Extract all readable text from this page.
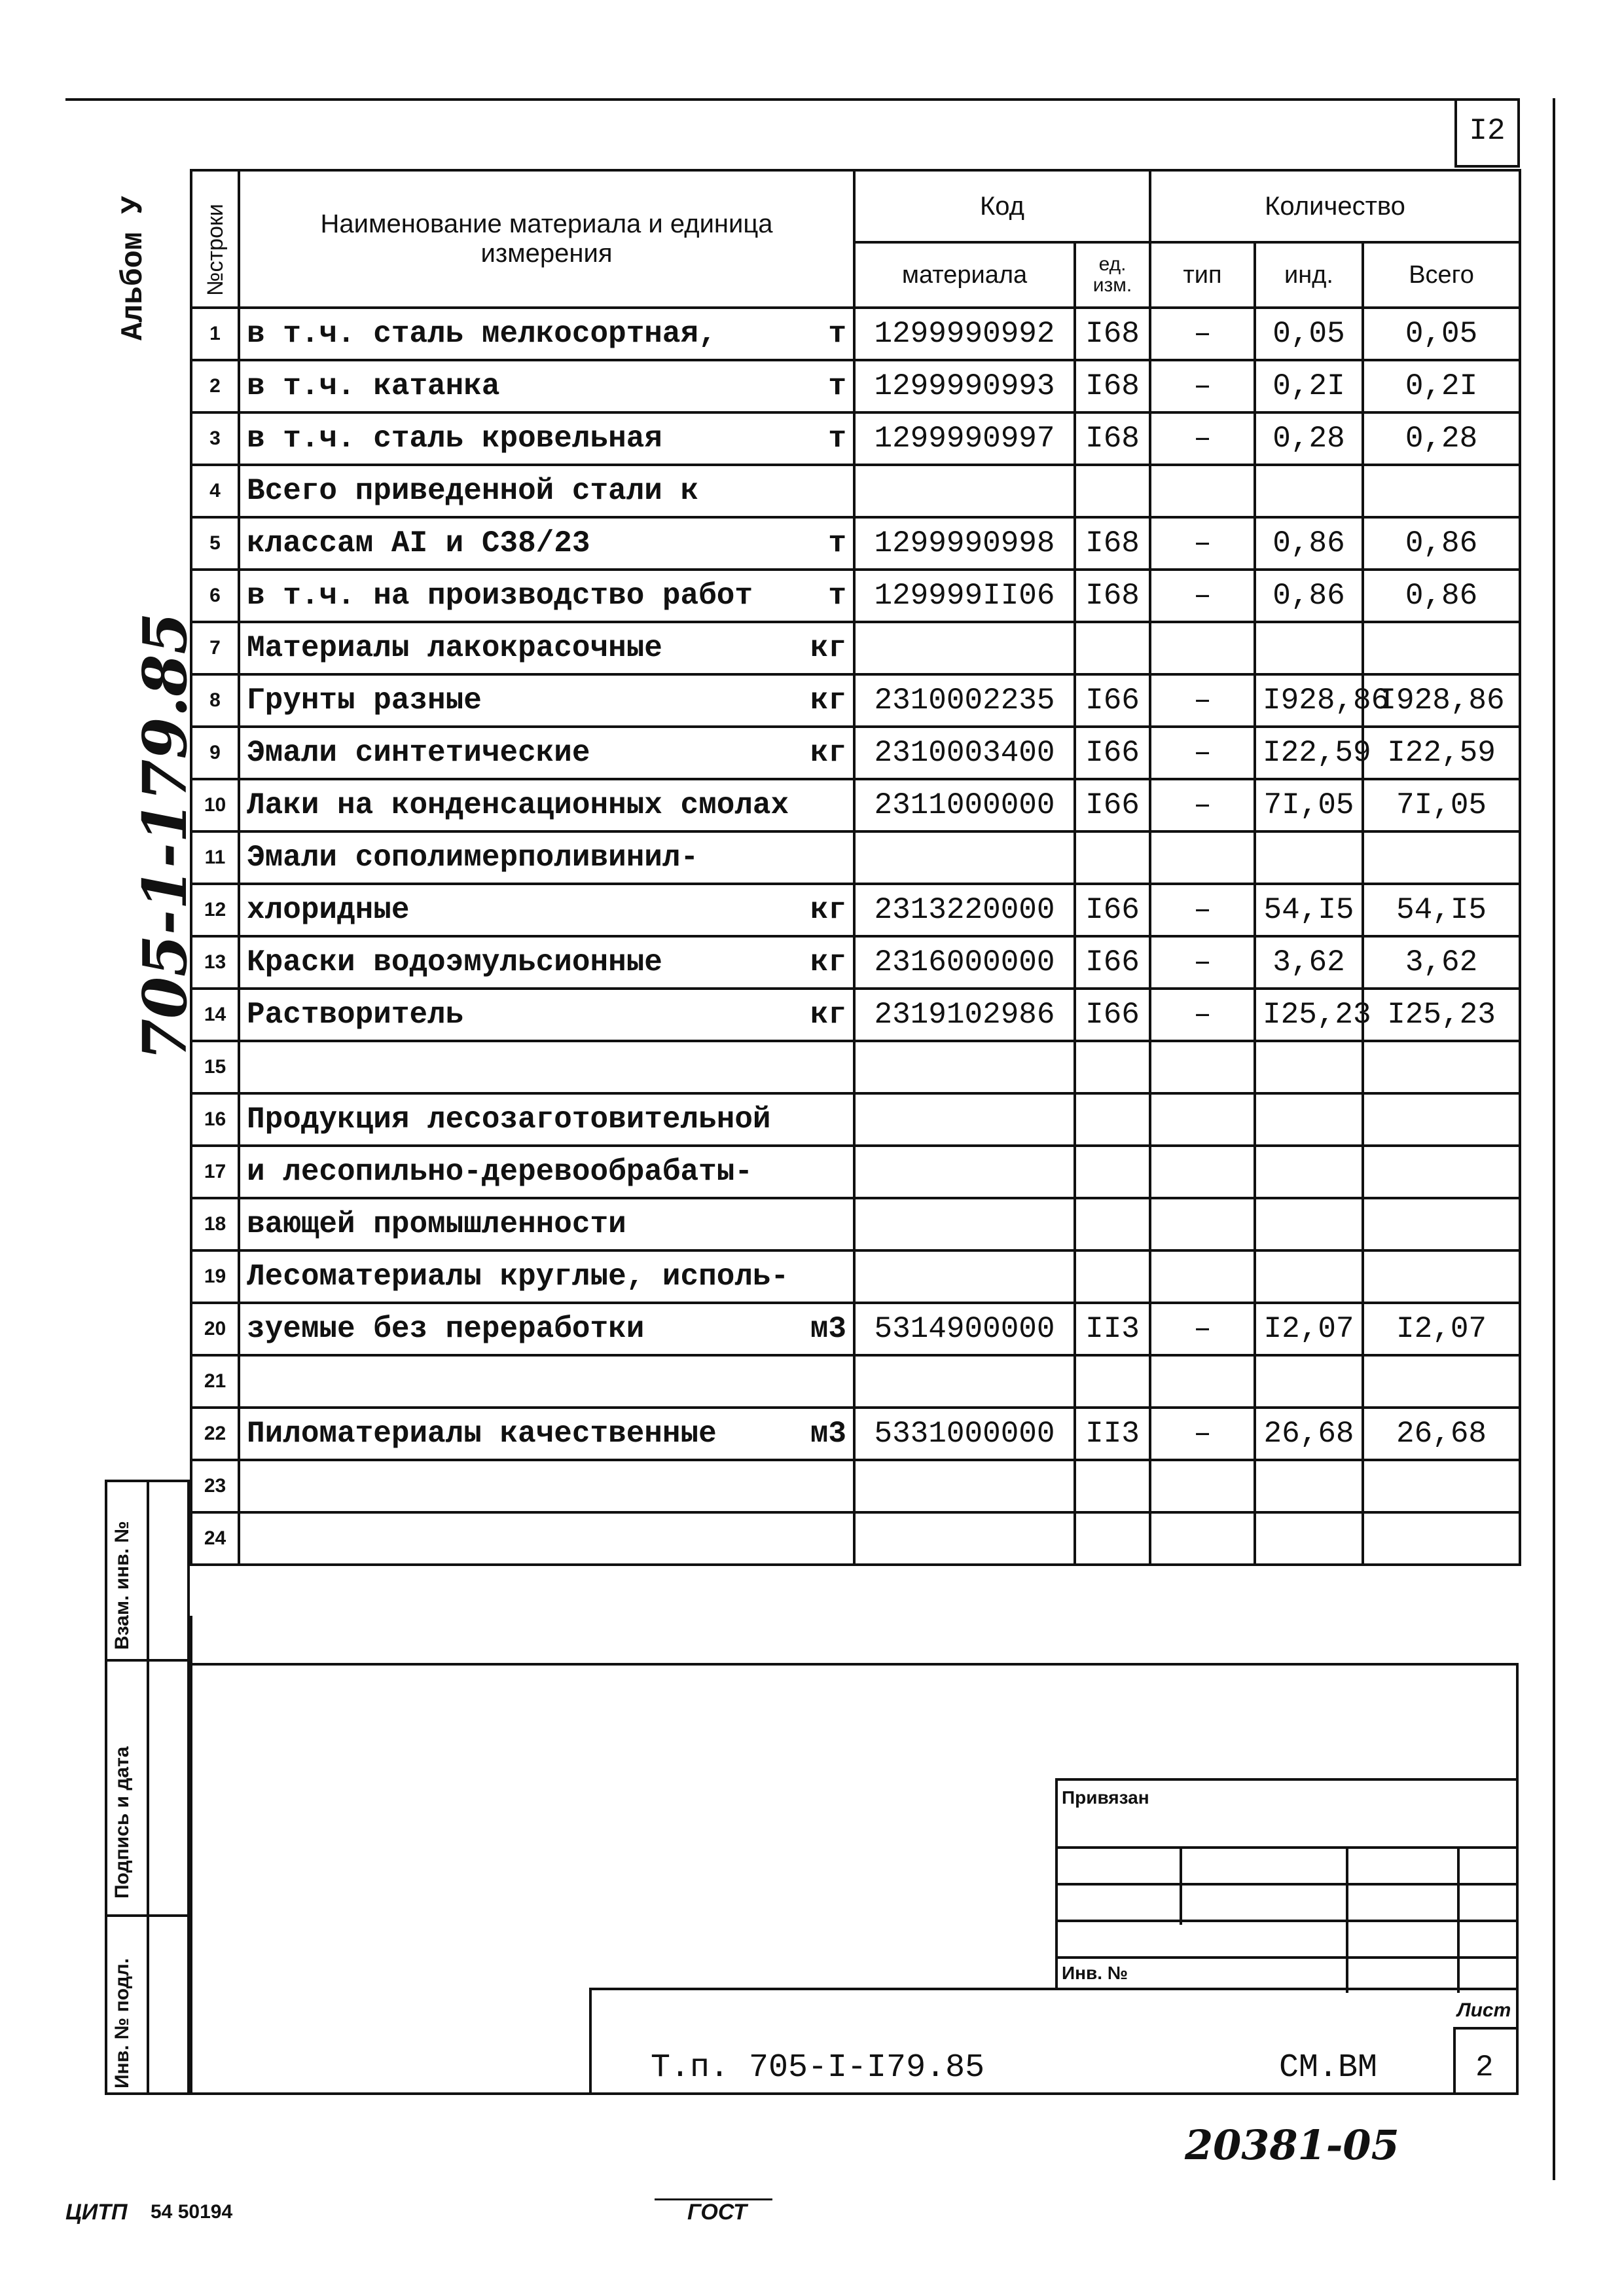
I2
Альбом У
705-1-179.85
№строки	Наименование материала и единица измерения	Код		Количество		
		материала	ед. изм.	тип	инд.	Всего
1	в т.ч. сталь мелкосортная, т	1299990992	I68	–	0,05	0,05
2	в т.ч. катанка т	1299990993	I68	–	0,2I	0,2I
3	в т.ч. сталь кровельная т	1299990997	I68	–	0,28	0,28
4	Всего приведенной стали к					

5	классам AI и C38/23 т	1299990998	I68	–	0,86	0,86
6	в т.ч. на производство работ т	129999II06	I68	–	0,86	0,86
7	Материалы лакокрасочные кг					

8	Грунты разные кг	2310002235	I66	–	I928,86	I928,86
9	Эмали синтетические кг	2310003400	I66	–	I22,59	I22,59
10	Лаки на конденсационных смолах	2311000000	I66	–	7I,05	7I,05
11	Эмали сополимерполивинил-					

12	хлоридные кг	2313220000	I66	–	54,I5	54,I5
13	Краски водоэмульсионные кг	2316000000	I66	–	3,62	3,62
14	Растворитель кг	2319102986	I66	–	I25,23	I25,23
15	

16	Продукция лесозаготовительной					

17	и лесопильно-деревообрабаты-					

18	вающей промышленности					

19	Лесоматериалы круглые, исполь-					

20	зуемые без переработки м3	5314900000	II3	–	I2,07	I2,07
21	

22	Пиломатериалы качественные м3	5331000000	II3	–	26,68	26,68
23	

24	

Взам. инв. №
Подпись и дата
Инв. № подл.
Привязан
Инв. №
Лист
Т.п. 705-I-I79.85	СМ.ВМ	2
20381-05
ЦИТП 54 50194	ГОСТ
